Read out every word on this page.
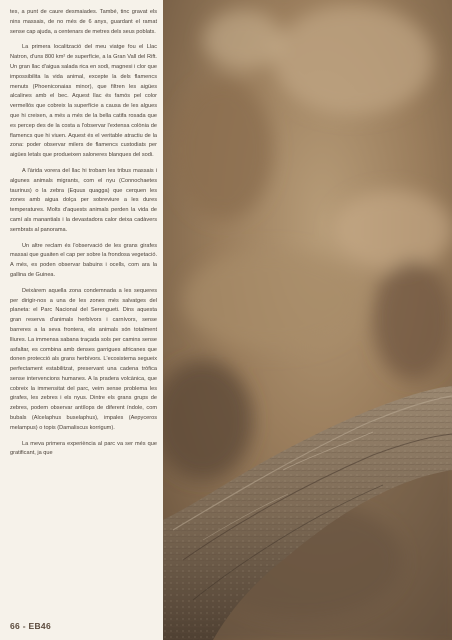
tes, a punt de caure desmaiades. També, tinc gravat els nins massais, de no més de 6 anys, guardant el ramat sense cap ajuda, a centenars de metres dels seus poblats.

La primera localització del meu viatge fou el Llac Natron, d'uns 800 km² de superfície, a la Gran Vall del Rift. Un gran llac d'aigua salada rica en sodi, magnesi i clor que impossibilita la vida animal, excepte la dels flamencs menuts (Phoeniconaias minor), que filtren les aigües alcalines amb el bec. Aquest llac és famós pel color vermellós que cobreix la superfície a causa de les algues que hi creixen, a més a més de la bella catifa rosada que es percep des de la costa a l'observar l'extensa colònia de flamencs que hi viuen. Aquest és el veritable atractiu de la zona: poder observar milers de flamencs custodiats per aigües letals que produeixen saloneres blanques del sodi.

A l'àrida vorera del llac hi trobam les tribus massais i algunes animals migrants, com el nyu (Connochaetes taurinus) o la zebra (Equus quagga) que cerquen les zones amb aigua dolça per sobreviure a les dures temperatures. Molts d'aquests animals perden la vida de camí als manantials i la devastadora calor deixa cadàvers sembrats al panorama.

Un altre reclam és l'observació de les grans girafes massai que guaiten el cap per sobre la frondosa vegetació. A més, es poden observar babuins i ocells, com ara la gallina de Guinea.

Deixàrem aquella zona condemnada a les sequeres per dirigir-nos a una de les zones més salvatges del planeta: el Parc Nacional del Serengueti. Dins aquesta gran reserva d'animals herbívors i carnívors, sense barreres a la seva frontera, els animals són totalment lliures. La immensa sabana traçada sols per camins sense asfaltar, es combina amb denses garrigues africanes que donen protecció als grans herbívors. L'ecosistema segueix perfectament estabilitzat, preservant una cadena tròfica sense intervencions humanes. A la pradera volcànica, que cobreix la immensitat del parc, veim sense problema les girafes, les zebres i els nyus. Dintre els grans grups de zebres, podem observar antílops de diferent índole, com bubals (Alcelaphus buselaphus), impales (Aepyceros melampus) o topis (Damaliscus korrigum).

La meva primera experiència al parc va ser més que gratificant, ja que

66 - EB46
